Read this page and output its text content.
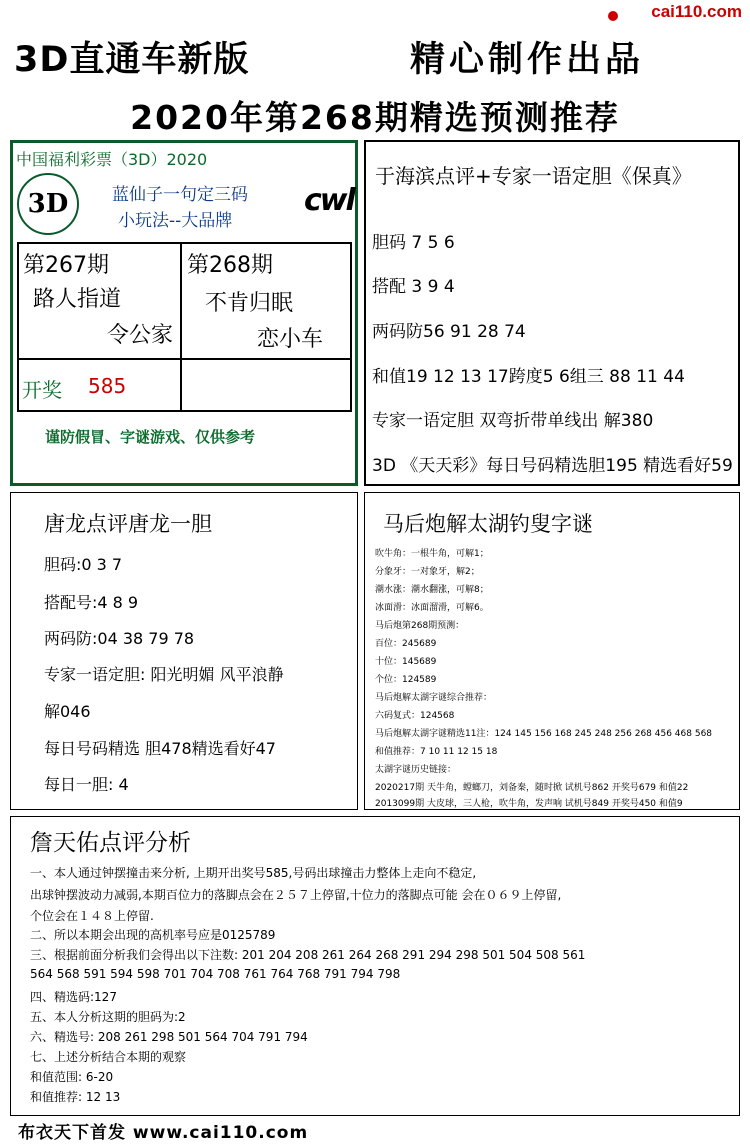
cai110.com
3D直通车新版	精心制作出品
2020年第268期精选预测推荐
中国福利彩票（3D）2020
3D	蓝仙子一句定三码
小玩法--大品牌
cwl
第267期
路人指道
令公家
第268期
不肯归眠
恋小车
开奖 585
谨防假冒、字谜游戏、仅供参考
于海滨点评+专家一语定胆《保真》
胆码 7 5 6
搭配 3 9 4
两码防56 91 28 74
和值19 12 13 17跨度5 6组三 88 11 44
专家一语定胆 双弯折带单线出 解380
3D 《天天彩》每日号码精选胆195 精选看好59
唐龙点评唐龙一胆
胆码:0 3 7
搭配号:4 8 9
两码防:04 38 79 78
专家一语定胆: 阳光明媚 风平浪静
解046
每日号码精选 胆478精选看好47
每日一胆: 4
马后炮解太湖钓叟字谜
吹牛角：一根牛角，可解1；
分象牙：一对象牙，解2；
潮水涨：潮水翻涨，可解8；
冰面滑：冰面溜滑，可解6。
马后炮第268期预测：
百位：245689
十位：145689
个位：124589
马后炮解太湖字谜综合推荐：
六码复式：124568
马后炮解太湖字谜精选11注：124 145 156 168 245 248 256 268 456 468 568
和值推荐：7 10 11 12 15 18
太湖字谜历史链接：
2020217期 天牛角，螳螂刀，刘备秦，随时掀 试机号862 开奖号679 和值22
2013099期 大皮球，三人枪，吹牛角，发声响 试机号849 开奖号450 和值9
詹天佑点评分析
一、本人通过钟摆撞击来分析, 上期开出奖号585,号码出球撞击力整体上走向不稳定,
出球钟摆波动力减弱,本期百位力的落脚点会在２５７上停留,十位力的落脚点可能 会在０６９上停留,
个位会在１４８上停留.
二、所以本期会出现的高机率号应是0125789
三、根据前面分析我们会得出以下注数: 201 204 208 261 264 268 291 294 298 501 504 508 561
564 568 591 594 598 701 704 708 761 764 768 791 794 798
四、精选码:127
五、本人分析这期的胆码为:2
六、精选号: 208 261 298 501 564 704 791 794
七、上述分析结合本期的观察
和值范围: 6-20
和值推荐: 12 13
布衣天下首发 www.cai110.com
